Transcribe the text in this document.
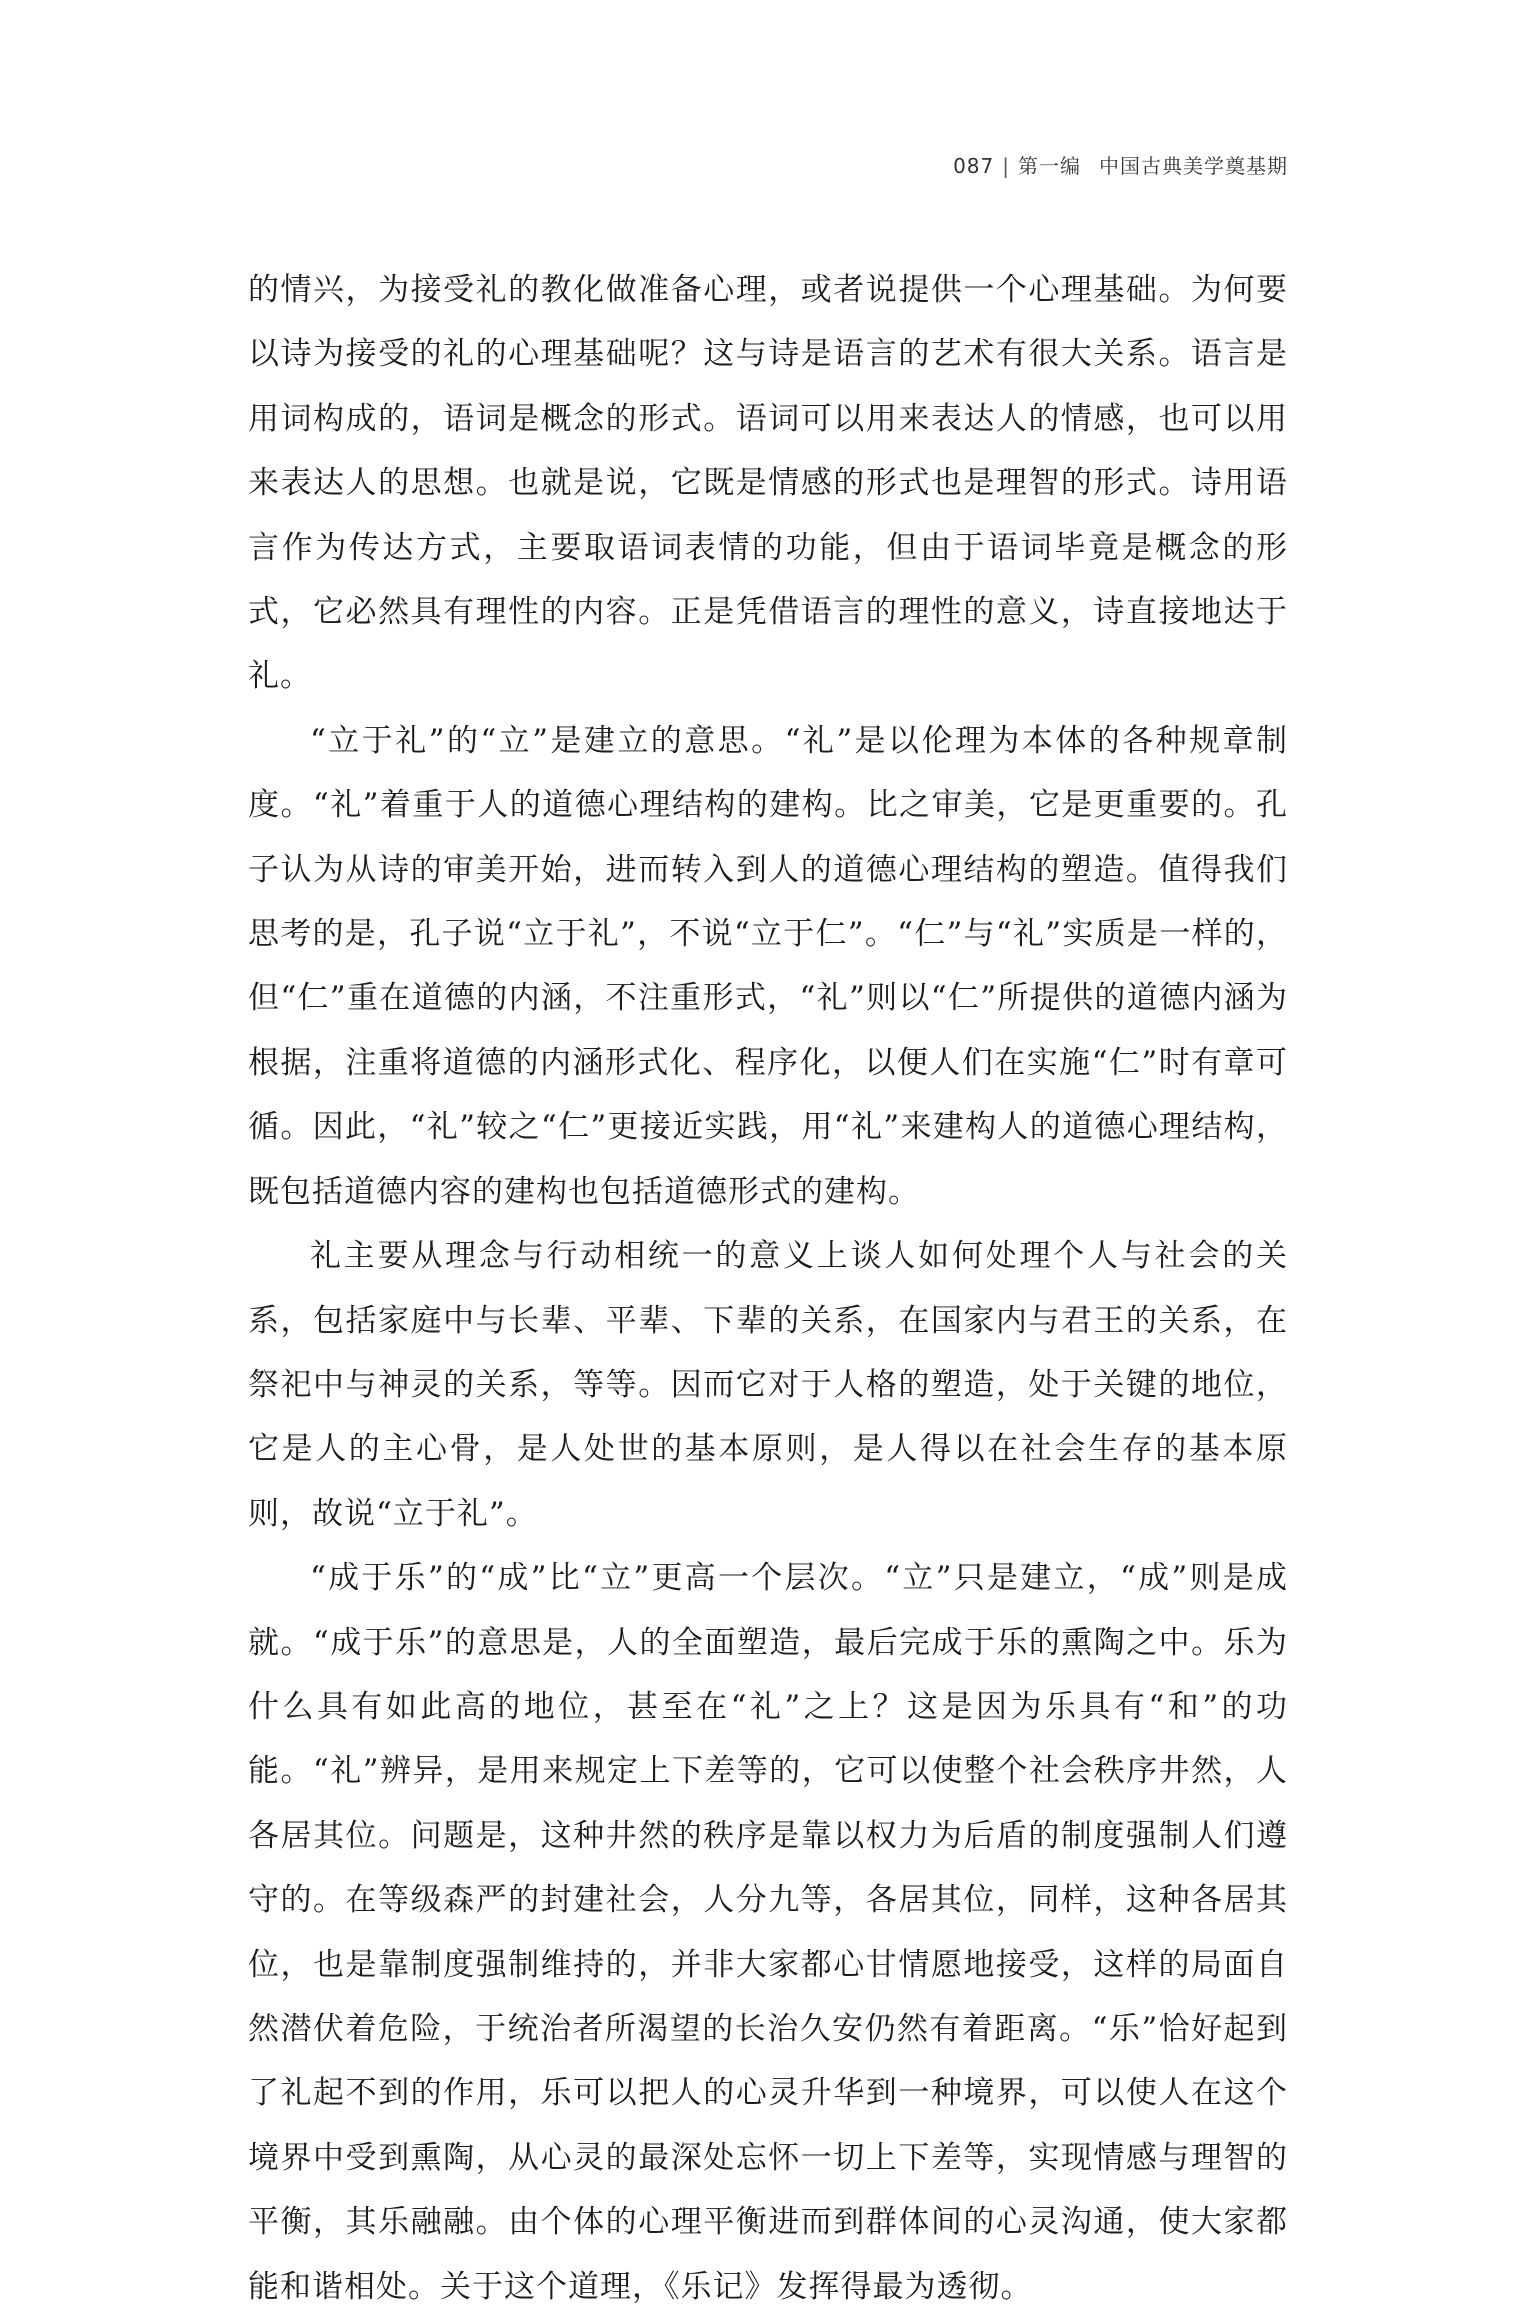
087 | 第一编 中国古典美学奠基期

的情兴，为接受礼的教化做准备心理，或者说提供一个心理基础。为何要以诗为接受的礼的心理基础呢？这与诗是语言的艺术有很大关系。语言是用词构成的，语词是概念的形式。语词可以用来表达人的情感，也可以用来表达人的思想。也就是说，它既是情感的形式也是理智的形式。诗用语言作为传达方式，主要取语词表情的功能，但由于语词毕竟是概念的形式，它必然具有理性的内容。正是凭借语言的理性的意义，诗直接地达于礼。

“立于礼”的“立”是建立的意思。“礼”是以伦理为本体的各种规章制度。“礼”着重于人的道德心理结构的建构。比之审美，它是更重要的。孔子认为从诗的审美开始，进而转入到人的道德心理结构的塑造。值得我们思考的是，孔子说“立于礼”，不说“立于仁”。“仁”与“礼”实质是一样的，但“仁”重在道德的内涵，不注重形式，“礼”则以“仁”所提供的道德内涵为根据，注重将道德的内涵形式化、程序化，以便人们在实施“仁”时有章可循。因此，“礼”较之“仁”更接近实践，用“礼”来建构人的道德心理结构，既包括道德内容的建构也包括道德形式的建构。

礼主要从理念与行动相统一的意义上谈人如何处理个人与社会的关系，包括家庭中与长辈、平辈、下辈的关系，在国家内与君王的关系，在祭祀中与神灵的关系，等等。因而它对于人格的塑造，处于关键的地位，它是人的主心骨，是人处世的基本原则，是人得以在社会生存的基本原则，故说“立于礼”。

“成于乐”的“成”比“立”更高一个层次。“立”只是建立，“成”则是成就。“成于乐”的意思是，人的全面塑造，最后完成于乐的熏陶之中。乐为什么具有如此高的地位，甚至在“礼”之上？这是因为乐具有“和”的功能。“礼”辨异，是用来规定上下差等的，它可以使整个社会秩序井然，人各居其位。问题是，这种井然的秩序是靠以权力为后盾的制度强制人们遵守的。在等级森严的封建社会，人分九等，各居其位，同样，这种各居其位，也是靠制度强制维持的，并非大家都心甘情愿地接受，这样的局面自然潜伏着危险，于统治者所渴望的长治久安仍然有着距离。“乐”恰好起到了礼起不到的作用，乐可以把人的心灵升华到一种境界，可以使人在这个境界中受到熏陶，从心灵的最深处忘怀一切上下差等，实现情感与理智的平衡，其乐融融。由个体的心理平衡进而到群体间的心灵沟通，使大家都能和谐相处。关于这个道理，《乐记》发挥得最为透彻。
